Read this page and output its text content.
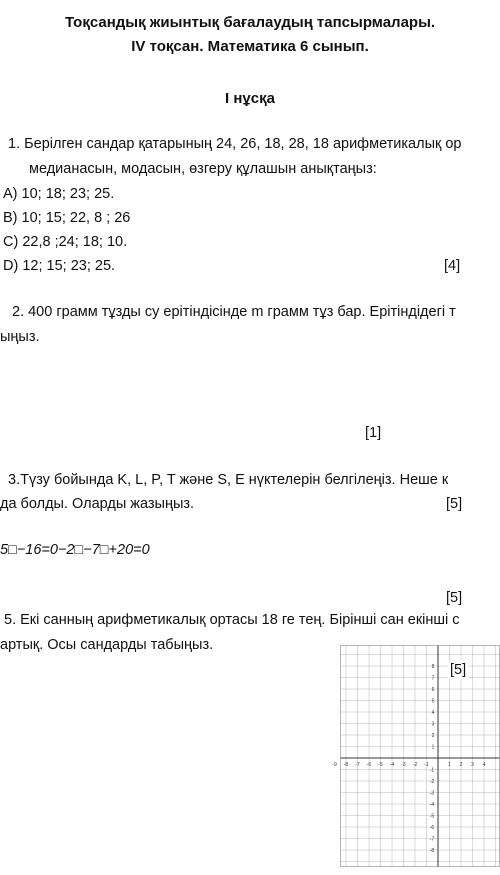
Тоқсандық жиынтық бағалаудың тапсырмалары.
IV тоқсан. Математика 6 сынып.
I нұсқа
1. Берілген сандар қатарының 24, 26, 18, 28, 18 арифметикалық ор
медианасын, модасын, өзгеру құлашын анықтаңыз:
A) 10; 18; 23; 25.
B) 10; 15; 22, 8 ; 26
C) 22,8 ;24; 18; 10.
D) 12; 15; 23; 25.	[4]
2. 400 грамм тұзды су ерітіндісінде m грамм тұз бар. Ерітіндідегі т
ыңыз.
[1]
3.Түзу бойында K, L, P, T және S, E нүктелерін белгілеңіз. Неше к
да болды. Оларды жазыңыз.	[5]
5□−16=0−2□−7□+20=0
[5]
5. Екі санның арифметикалық ортасы 18 ге тең. Бірінші сан екінші с
артық. Осы сандарды табыңыз.
-9 -8 -7 -6 -5 -4 -3 -2 -1	1 2 3 4
8
7
6
5
4
3
2
1
-1
-2
-3
-4
-5
-6
-7
-8
[5]
